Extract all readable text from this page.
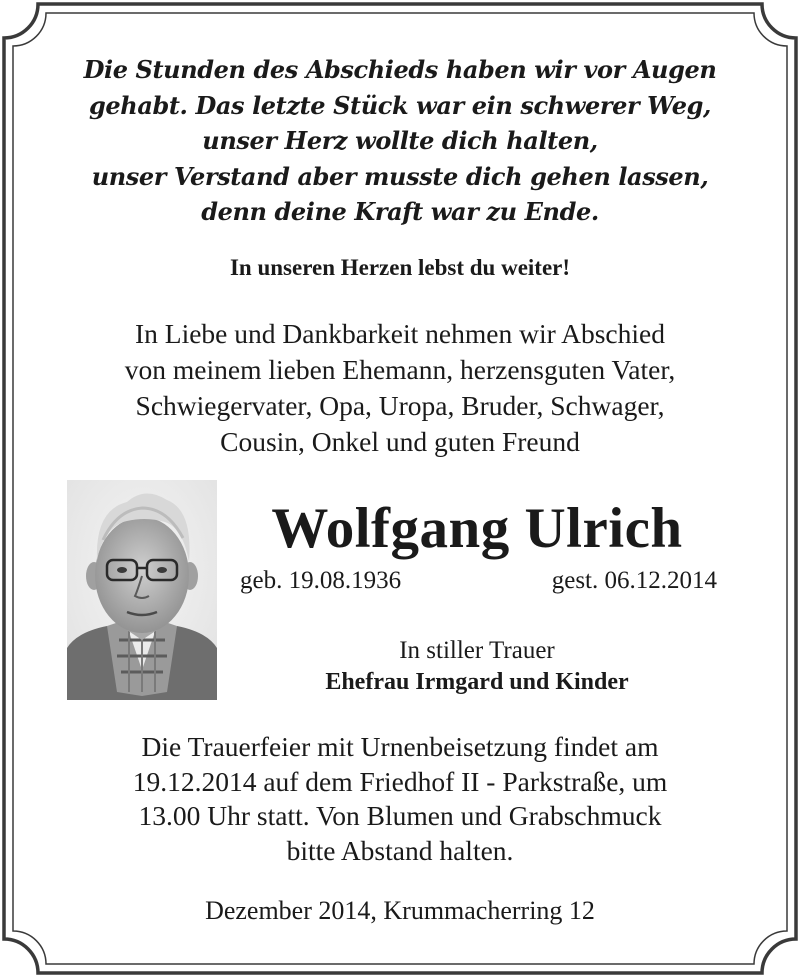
Die Stunden des Abschieds haben wir vor Augen
gehabt. Das letzte Stück war ein schwerer Weg,
unser Herz wollte dich halten,
unser Verstand aber musste dich gehen lassen,
denn deine Kraft war zu Ende.
In unseren Herzen lebst du weiter!
In Liebe und Dankbarkeit nehmen wir Abschied
von meinem lieben Ehemann, herzensguten Vater,
Schwiegervater, Opa, Uropa, Bruder, Schwager,
Cousin, Onkel und guten Freund
Wolfgang Ulrich
geb. 19.08.1936	gest. 06.12.2014
In stiller Trauer
Ehefrau Irmgard und Kinder
Die Trauerfeier mit Urnenbeisetzung findet am
19.12.2014 auf dem Friedhof II - Parkstraße, um
13.00 Uhr statt. Von Blumen und Grabschmuck
bitte Abstand halten.
Dezember 2014, Krummacherring 12
